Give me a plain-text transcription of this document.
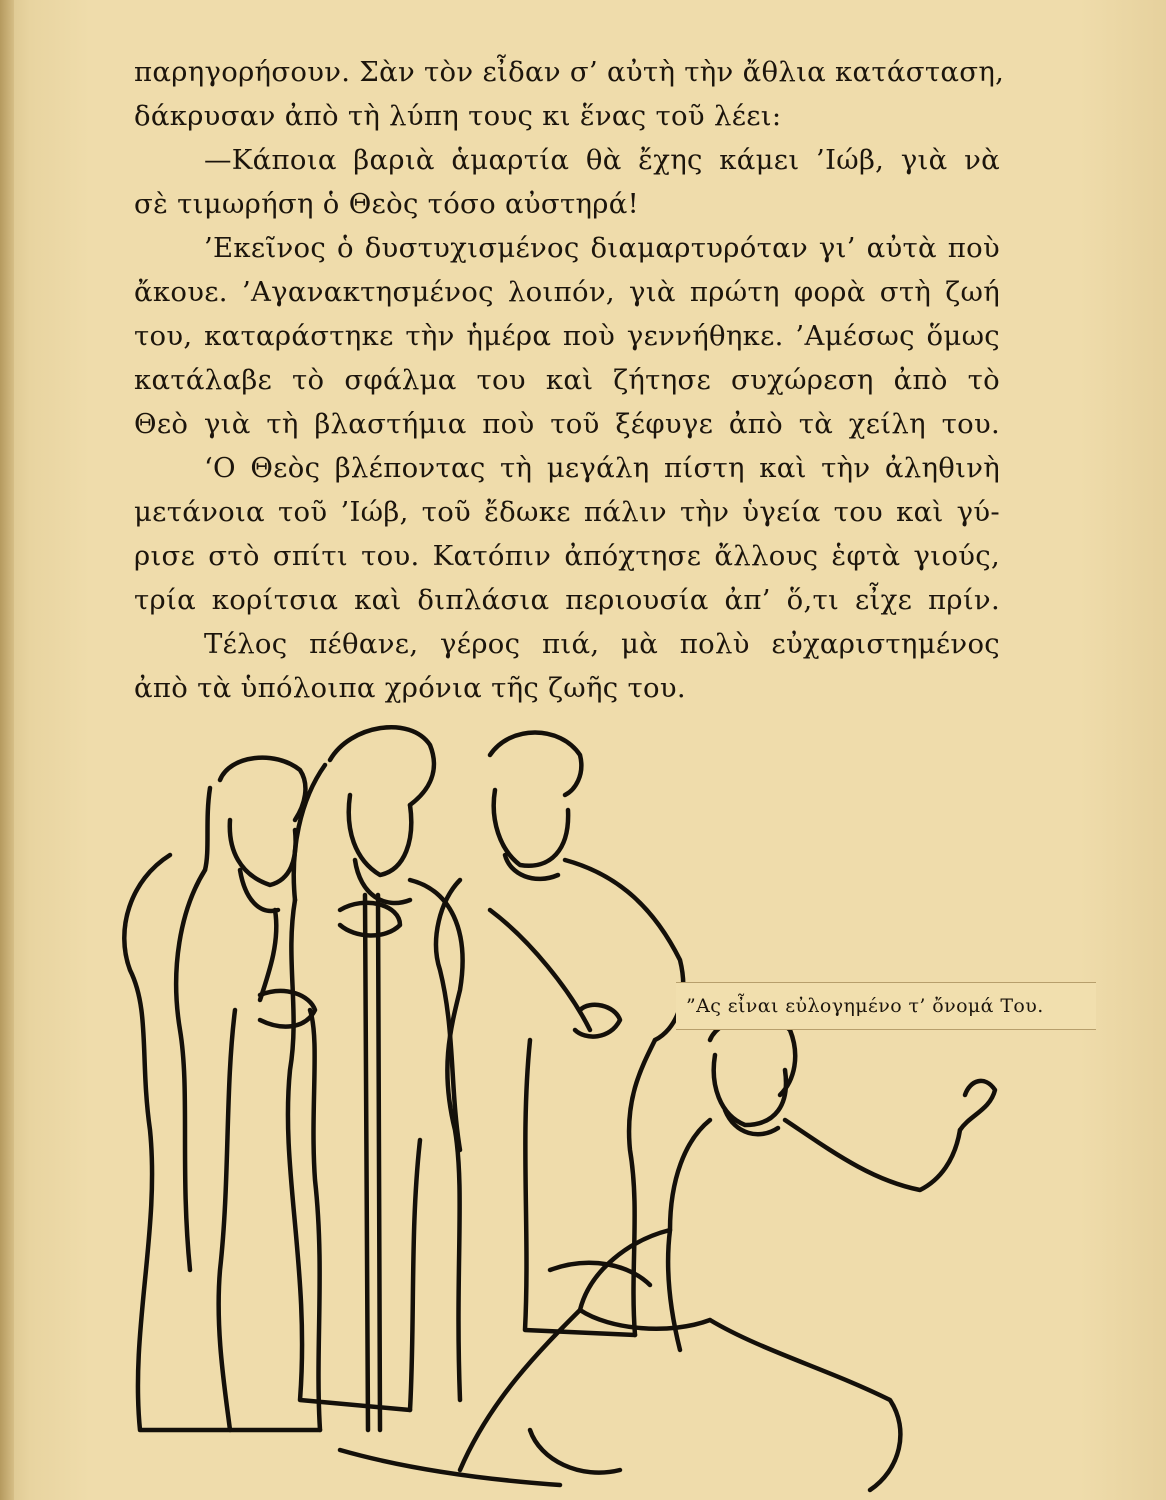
παρηγορήσουν. Σὰν τὸν εἶδαν σ’ αὐτὴ τὴν ἄθλια κατάσταση,
δάκρυσαν ἀπὸ τὴ λύπη τους κι ἕνας τοῦ λέει:
—Κάποια βαριὰ ἁμαρτία θὰ ἔχης κάμει ’Ιώβ, γιὰ νὰ
σὲ τιμωρήση ὁ Θεὸς τόσο αὐστηρά!
’Εκεῖνος ὁ δυστυχισμένος διαμαρτυρόταν γι’ αὐτὰ ποὺ
ἄκουε. ’Αγανακτησμένος λοιπόν, γιὰ πρώτη φορὰ στὴ ζωή
του, καταράστηκε τὴν ἡμέρα ποὺ γεννήθηκε. ’Αμέσως ὅμως
κατάλαβε τὸ σφάλμα του καὶ ζήτησε συχώρεση ἀπὸ τὸ
Θεὸ γιὰ τὴ βλαστήμια ποὺ τοῦ ξέφυγε ἀπὸ τὰ χείλη του.
‘Ο Θεὸς βλέποντας τὴ μεγάλη πίστη καὶ τὴν ἀληθινὴ
μετάνοια τοῦ ’Ιώβ, τοῦ ἔδωκε πάλιν τὴν ὑγεία του καὶ γύ-
ρισε στὸ σπίτι του. Κατόπιν ἀπόχτησε ἄλλους ἑφτὰ γιούς,
τρία κορίτσια καὶ διπλάσια περιουσία ἀπ’ ὅ,τι εἶχε πρίν.
Τέλος πέθανε, γέρος πιά, μὰ πολὺ εὐχαριστημένος
ἀπὸ τὰ ὑπόλοιπα χρόνια τῆς ζωῆς του.
”Ας εἶναι εὐλογημένο τ’ ὄνομά Του.
